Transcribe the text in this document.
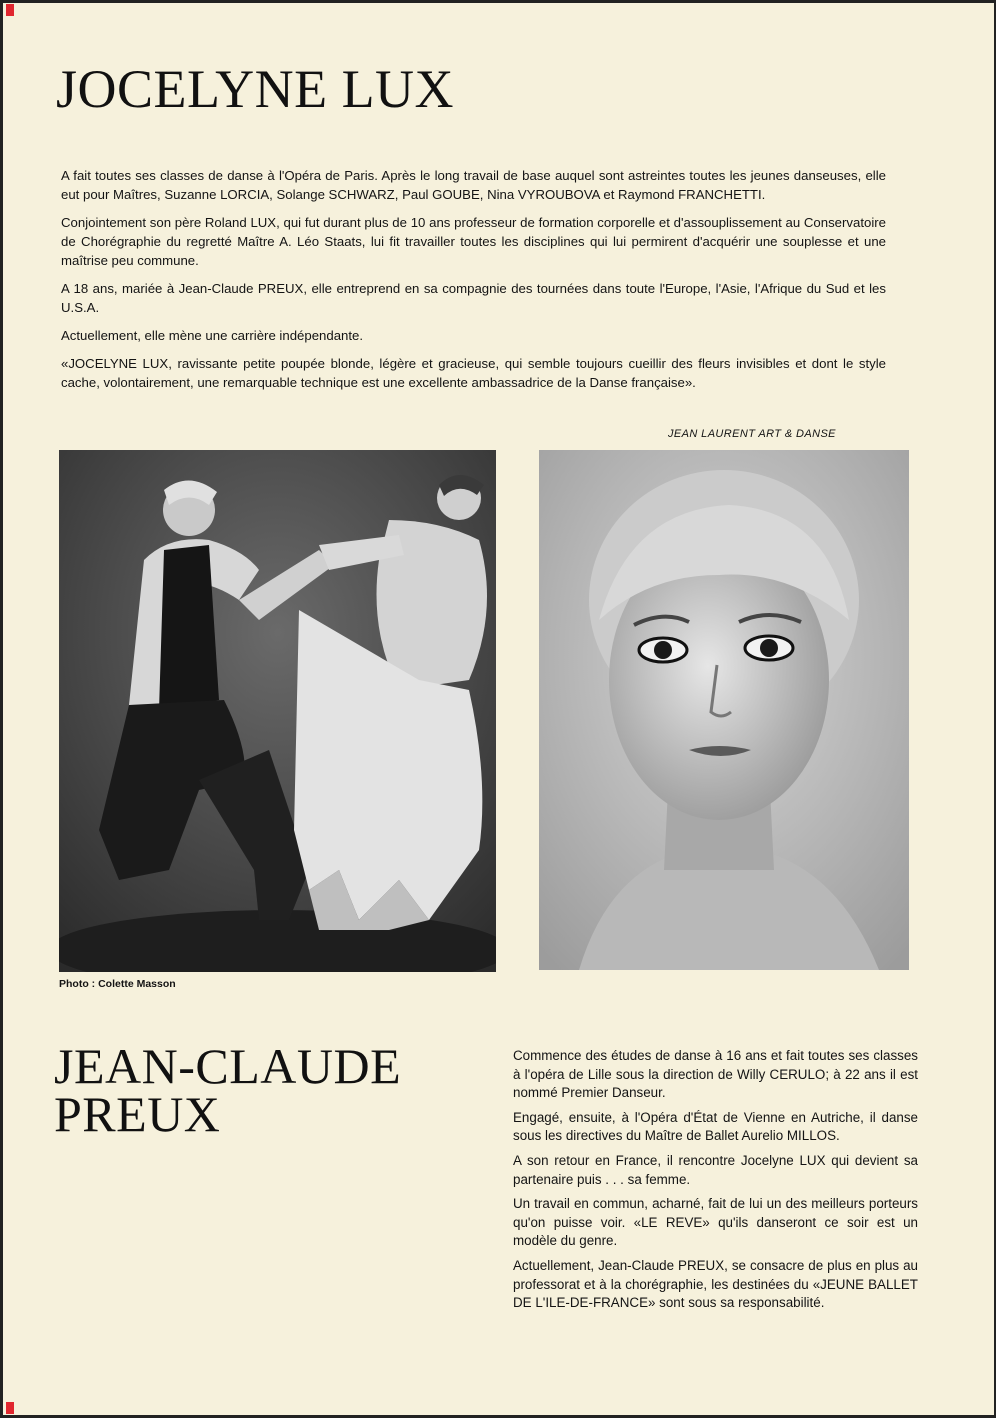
JOCELYNE LUX

A fait toutes ses classes de danse à l'Opéra de Paris. Après le long travail de base auquel sont astreintes toutes les jeunes danseuses, elle eut pour Maîtres, Suzanne LORCIA, Solange SCHWARZ, Paul GOUBE, Nina VYROUBOVA et Raymond FRANCHETTI.

Conjointement son père Roland LUX, qui fut durant plus de 10 ans professeur de formation corporelle et d'assouplissement au Conservatoire de Chorégraphie du regretté Maître A. Léo Staats, lui fit travailler toutes les disciplines qui lui permirent d'acquérir une souplesse et une maîtrise peu commune.

A 18 ans, mariée à Jean-Claude PREUX, elle entreprend en sa compagnie des tournées dans toute l'Europe, l'Asie, l'Afrique du Sud et les U.S.A.

Actuellement, elle mène une carrière indépendante.

«JOCELYNE LUX, ravissante petite poupée blonde, légère et gracieuse, qui semble toujours cueillir des fleurs invisibles et dont le style cache, volontairement, une remarquable technique est une excellente ambassadrice de la Danse française».

JEAN LAURENT ART & DANSE
Photo : Colette Masson
JEAN-CLAUDE
PREUX

Commence des études de danse à 16 ans et fait toutes ses classes à l'opéra de Lille sous la direction de Willy CERULO; à 22 ans il est nommé Premier Danseur.

Engagé, ensuite, à l'Opéra d'État de Vienne en Autriche, il danse sous les directives du Maître de Ballet Aurelio MILLOS.

A son retour en France, il rencontre Jocelyne LUX qui devient sa partenaire puis . . . sa femme.

Un travail en commun, acharné, fait de lui un des meilleurs porteurs qu'on puisse voir. «LE REVE» qu'ils danseront ce soir est un modèle du genre.

Actuellement, Jean-Claude PREUX, se consacre de plus en plus au professorat et à la chorégraphie, les destinées du «JEUNE BALLET DE L'ILE-DE-FRANCE» sont sous sa responsabilité.
